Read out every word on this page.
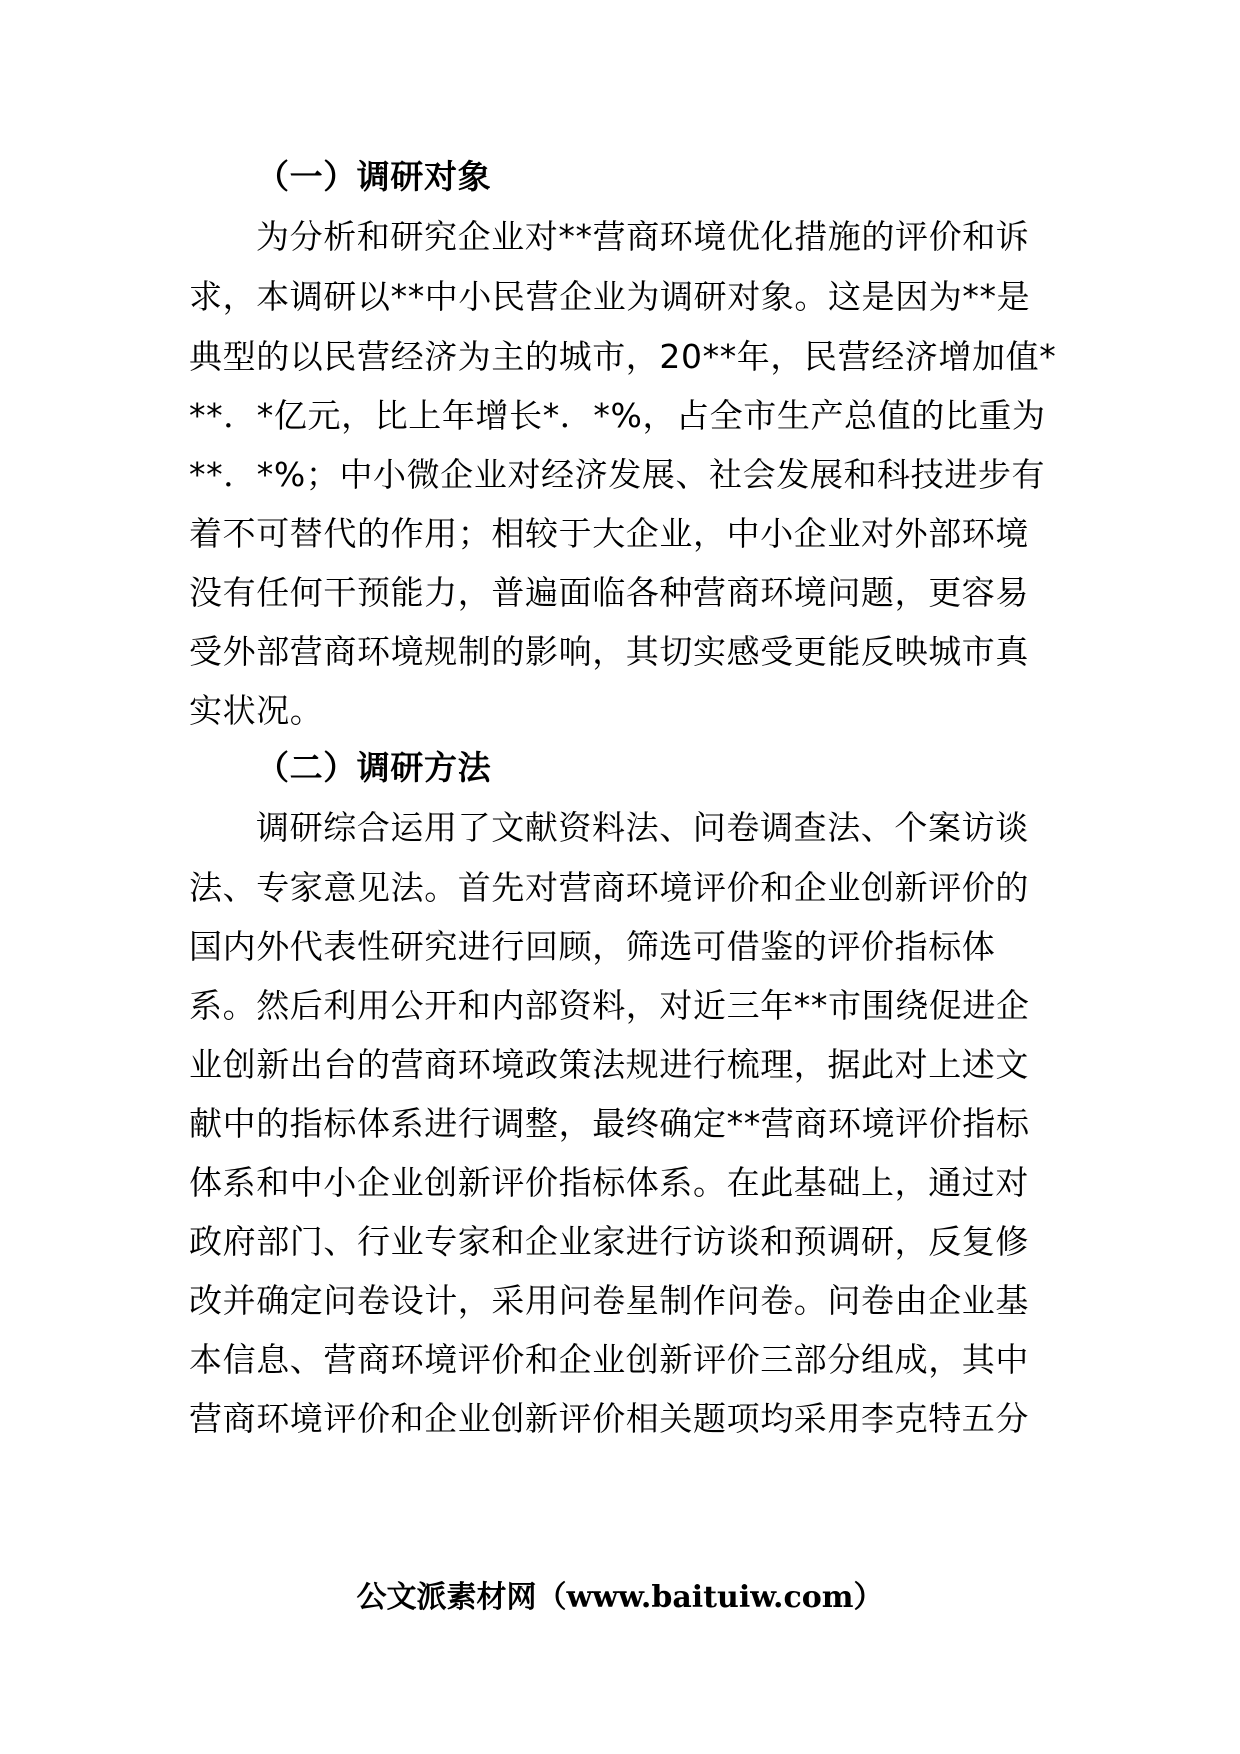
（一）调研对象
为分析和研究企业对**营商环境优化措施的评价和诉
求，本调研以**中小民营企业为调研对象。这是因为**是
典型的以民营经济为主的城市，20**年，民营经济增加值*
**．*亿元，比上年增长*．*%，占全市生产总值的比重为
**．*%；中小微企业对经济发展、社会发展和科技进步有
着不可替代的作用；相较于大企业，中小企业对外部环境
没有任何干预能力，普遍面临各种营商环境问题，更容易
受外部营商环境规制的影响，其切实感受更能反映城市真
实状况。
（二）调研方法
调研综合运用了文献资料法、问卷调查法、个案访谈
法、专家意见法。首先对营商环境评价和企业创新评价的
国内外代表性研究进行回顾，筛选可借鉴的评价指标体
系。然后利用公开和内部资料，对近三年**市围绕促进企
业创新出台的营商环境政策法规进行梳理，据此对上述文
献中的指标体系进行调整，最终确定**营商环境评价指标
体系和中小企业创新评价指标体系。在此基础上，通过对
政府部门、行业专家和企业家进行访谈和预调研，反复修
改并确定问卷设计，采用问卷星制作问卷。问卷由企业基
本信息、营商环境评价和企业创新评价三部分组成，其中
营商环境评价和企业创新评价相关题项均采用李克特五分
公文派素材网（www.baituiw.com）
